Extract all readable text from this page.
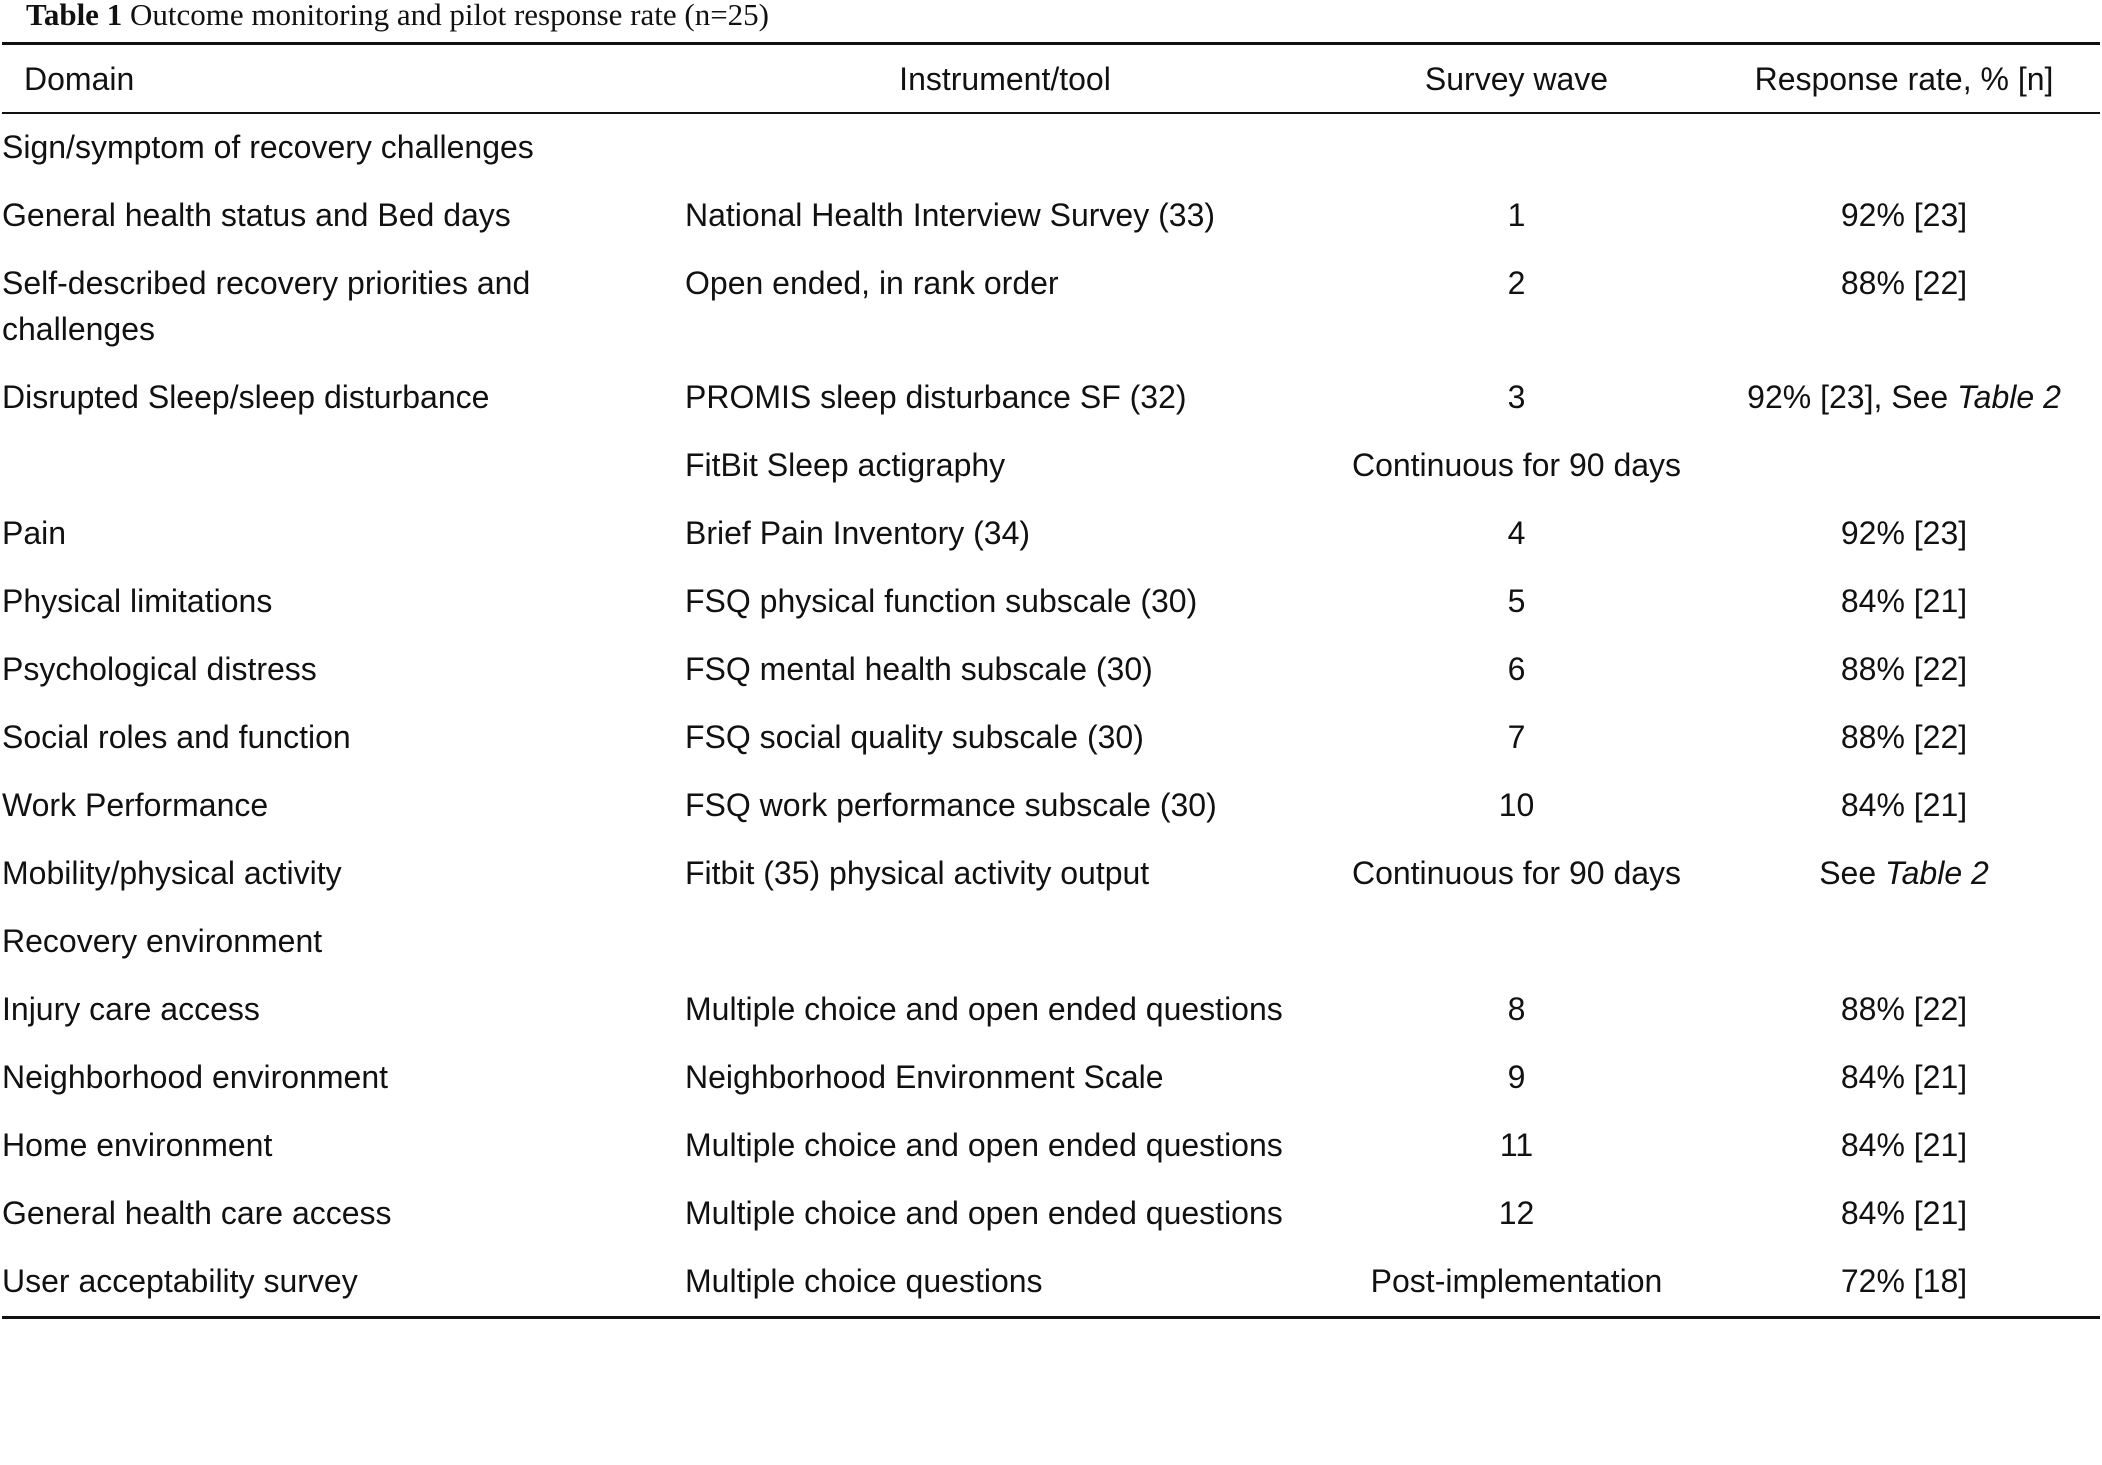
Table 1 Outcome monitoring and pilot response rate (n=25)
Domain	Instrument/tool	Survey wave	Response rate, % [n]
Sign/symptom of recovery challenges			
General health status and Bed days	National Health Interview Survey (33)	1	92% [23]
Self-described recovery priorities and challenges	Open ended, in rank order	2	88% [22]
Disrupted Sleep/sleep disturbance	PROMIS sleep disturbance SF (32)	3	92% [23], See Table 2
	FitBit Sleep actigraphy	Continuous for 90 days	
Pain	Brief Pain Inventory (34)	4	92% [23]
Physical limitations	FSQ physical function subscale (30)	5	84% [21]
Psychological distress	FSQ mental health subscale (30)	6	88% [22]
Social roles and function	FSQ social quality subscale (30)	7	88% [22]
Work Performance	FSQ work performance subscale (30)	10	84% [21]
Mobility/physical activity	Fitbit (35) physical activity output	Continuous for 90 days	See Table 2
Recovery environment			
Injury care access	Multiple choice and open ended questions	8	88% [22]
Neighborhood environment	Neighborhood Environment Scale	9	84% [21]
Home environment	Multiple choice and open ended questions	11	84% [21]
General health care access	Multiple choice and open ended questions	12	84% [21]
User acceptability survey	Multiple choice questions	Post-implementation	72% [18]
